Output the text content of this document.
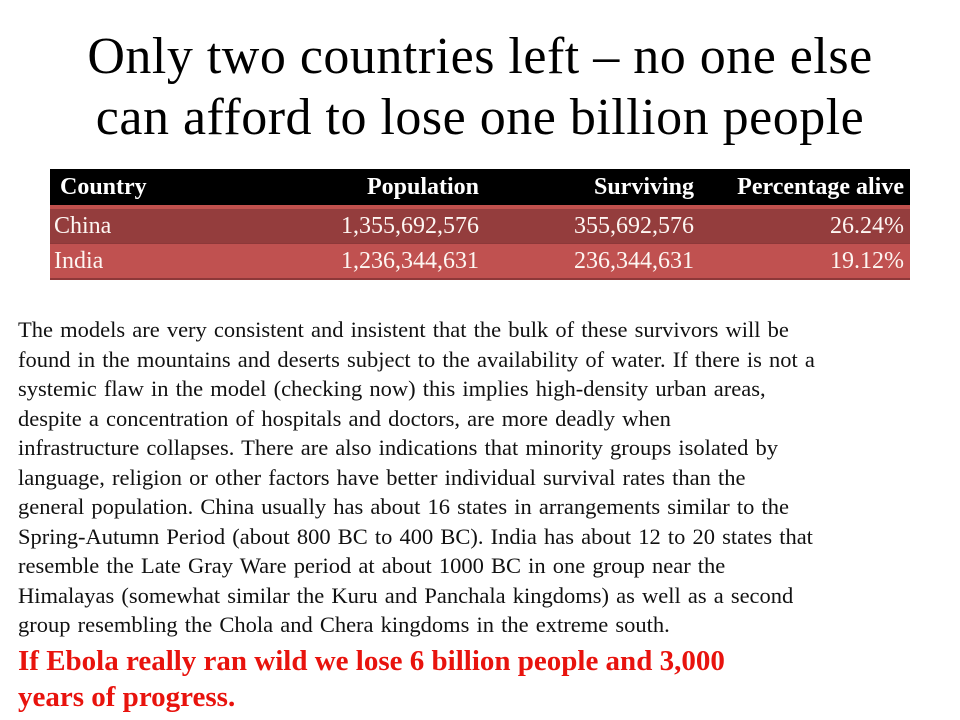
Only two countries left – no one else
can afford to lose one billion people
Country	Population	Surviving	Percentage alive
China	1,355,692,576	355,692,576	26.24%
India	1,236,344,631	236,344,631	19.12%
The models are very consistent and insistent that the bulk of these survivors will be
found in the mountains and deserts subject to the availability of water. If there is not a
systemic flaw in the model (checking now) this implies high-density urban areas,
despite a concentration of hospitals and doctors, are more deadly when
infrastructure collapses. There are also indications that minority groups isolated by
language, religion or other factors have better individual survival rates than the
general population. China usually has about 16 states in arrangements similar to the
Spring-Autumn Period (about 800 BC to 400 BC). India has about 12 to 20 states that
resemble the Late Gray Ware period at about 1000 BC in one group near the
Himalayas (somewhat similar the Kuru and Panchala kingdoms) as well as a second
group resembling the Chola and Chera kingdoms in the extreme south.
If Ebola really ran wild we lose 6 billion people and 3,000
years of progress.
